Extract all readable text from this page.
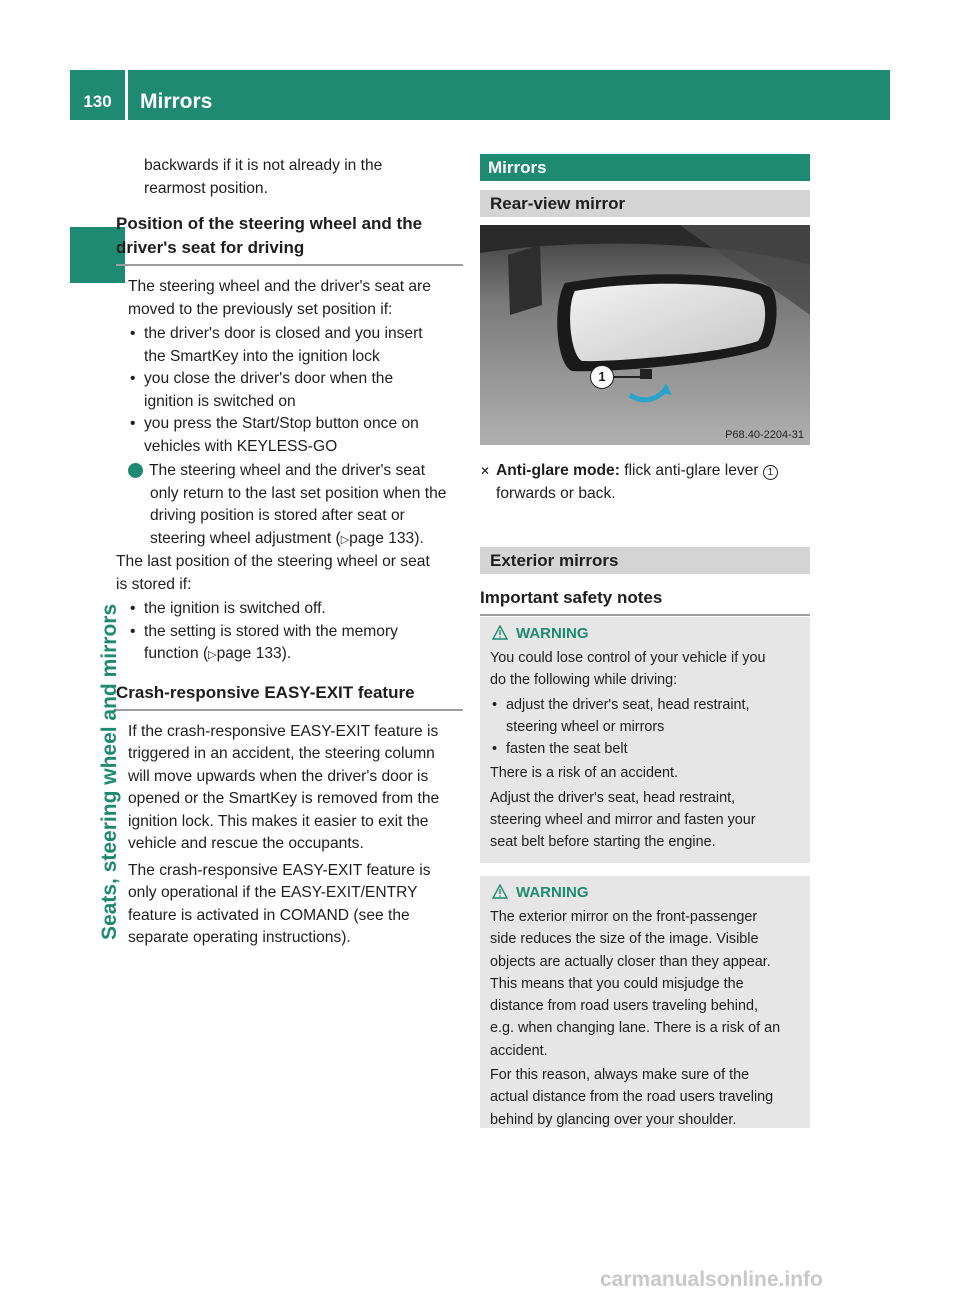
130	Mirrors
Seats, steering wheel and mirrors

backwards if it is not already in the
rearmost position.

Position of the steering wheel and the
driver's seat for driving

The steering wheel and the driver's seat are
moved to the previously set position if:

• the driver's door is closed and you insert
the SmartKey into the ignition lock

• you close the driver's door when the
ignition is switched on

• you press the Start/Stop button once on
vehicles with KEYLESS-GO

i The steering wheel and the driver's seat
only return to the last set position when the
driving position is stored after seat or
steering wheel adjustment (▷page 133).

The last position of the steering wheel or seat
is stored if:

• the ignition is switched off.

• the setting is stored with the memory
function (▷page 133).

Crash-responsive EASY-EXIT feature

If the crash-responsive EASY-EXIT feature is
triggered in an accident, the steering column
will move upwards when the driver's door is
opened or the SmartKey is removed from the
ignition lock. This makes it easier to exit the
vehicle and rescue the occupants.

The crash-responsive EASY-EXIT feature is
only operational if the EASY-EXIT/ENTRY
feature is activated in COMAND (see the
separate operating instructions).

Mirrors
Rear-view mirror
1
P68.40-2204-31

✕ Anti-glare mode: flick anti-glare lever 1
forwards or back.

Exterior mirrors
Important safety notes
WARNING

You could lose control of your vehicle if you
do the following while driving:

• adjust the driver's seat, head restraint,
steering wheel or mirrors

• fasten the seat belt

There is a risk of an accident.

Adjust the driver's seat, head restraint,
steering wheel and mirror and fasten your
seat belt before starting the engine.

WARNING

The exterior mirror on the front-passenger
side reduces the size of the image. Visible
objects are actually closer than they appear.
This means that you could misjudge the
distance from road users traveling behind,
e.g. when changing lane. There is a risk of an
accident.

For this reason, always make sure of the
actual distance from the road users traveling
behind by glancing over your shoulder.

carmanualsonline.info
